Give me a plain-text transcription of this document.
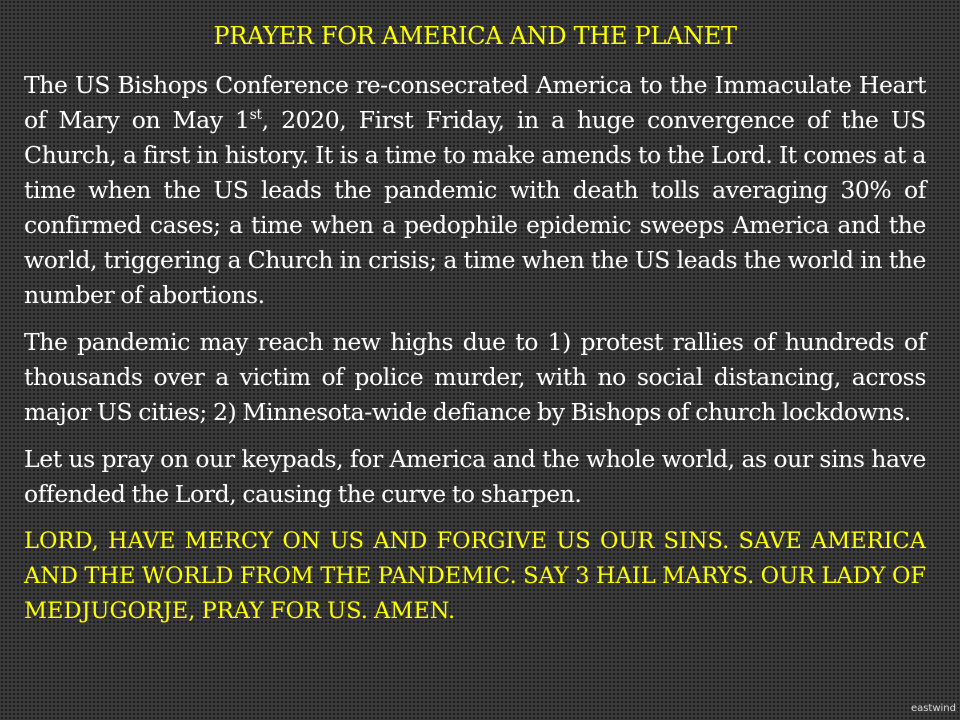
PRAYER FOR AMERICA AND THE PLANET

The US Bishops Conference re-consecrated America to the Immaculate Heart of Mary on May 1st, 2020, First Friday, in a huge convergence of the US Church, a first in history. It is a time to make amends to the Lord. It comes at a time when the US leads the pandemic with death tolls averaging 30% of confirmed cases; a time when a pedophile epidemic sweeps America and the world, triggering a Church in crisis; a time when the US leads the world in the number of abortions.

The pandemic may reach new highs due to 1) protest rallies of hundreds of thousands over a victim of police murder, with no social distancing, across major US cities; 2) Minnesota-wide defiance by Bishops of church lockdowns.

Let us pray on our keypads, for America and the whole world, as our sins have offended the Lord, causing the curve to sharpen.

LORD, HAVE MERCY ON US AND FORGIVE US OUR SINS. SAVE AMERICA AND THE WORLD FROM THE PANDEMIC. SAY 3 HAIL MARYS. OUR LADY OF MEDJUGORJE, PRAY FOR US. AMEN.

eastwind
